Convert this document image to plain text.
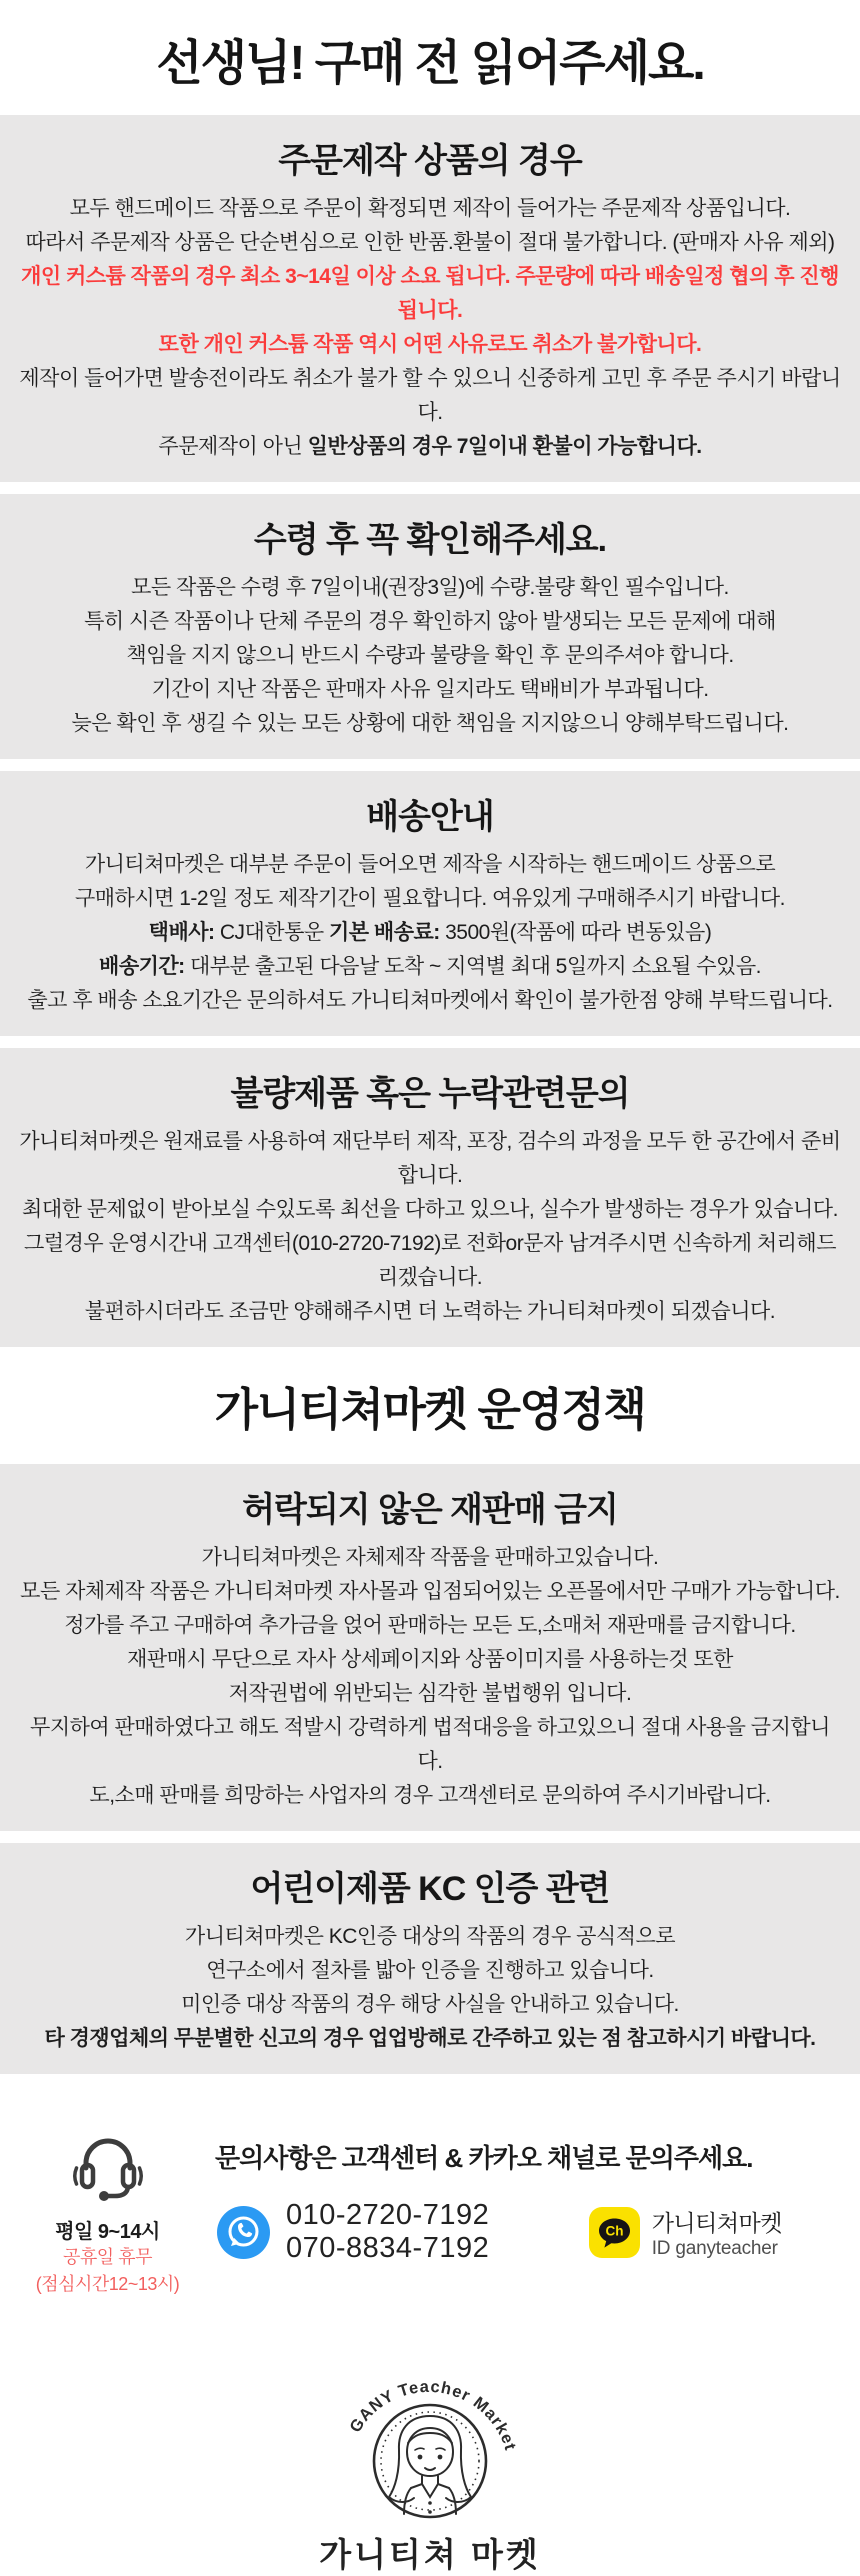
선생님! 구매 전 읽어주세요.
주문제작 상품의 경우

모두 핸드메이드 작품으로 주문이 확정되면 제작이 들어가는 주문제작 상품입니다.

따라서 주문제작 상품은 단순변심으로 인한 반품.환불이 절대 불가합니다. (판매자 사유 제외)

개인 커스튬 작품의 경우 최소 3~14일 이상 소요 됩니다. 주문량에 따라 배송일정 협의 후 진행됩니다.

또한 개인 커스튬 작품 역시 어떤 사유로도 취소가 불가합니다.

제작이 들어가면 발송전이라도 취소가 불가 할 수 있으니 신중하게 고민 후 주문 주시기 바랍니다.

주문제작이 아닌 일반상품의 경우 7일이내 환불이 가능합니다.

수령 후 꼭 확인해주세요.

모든 작품은 수령 후 7일이내(권장3일)에 수량.불량 확인 필수입니다.

특히 시즌 작품이나 단체 주문의 경우 확인하지 않아 발생되는 모든 문제에 대해

책임을 지지 않으니 반드시 수량과 불량을 확인 후 문의주셔야 합니다.

기간이 지난 작품은 판매자 사유 일지라도 택배비가 부과됩니다.

늦은 확인 후 생길 수 있는 모든 상황에 대한 책임을 지지않으니 양해부탁드립니다.

배송안내

가니티쳐마켓은 대부분 주문이 들어오면 제작을 시작하는 핸드메이드 상품으로

구매하시면 1-2일 정도 제작기간이 필요합니다. 여유있게 구매해주시기 바랍니다.

택배사: CJ대한통운 기본 배송료: 3500원(작품에 따라 변동있음)

배송기간: 대부분 출고된 다음날 도착 ~ 지역별 최대 5일까지 소요될 수있음.

출고 후 배송 소요기간은 문의하셔도 가니티쳐마켓에서 확인이 불가한점 양해 부탁드립니다.

불량제품 혹은 누락관련문의

가니티쳐마켓은 원재료를 사용하여 재단부터 제작, 포장, 검수의 과정을 모두 한 공간에서 준비 합니다.

최대한 문제없이 받아보실 수있도록 최선을 다하고 있으나, 실수가 발생하는 경우가 있습니다.

그럴경우 운영시간내 고객센터(010-2720-7192)로 전화or문자 남겨주시면 신속하게 처리해드리겠습니다.

불편하시더라도 조금만 양해해주시면 더 노력하는 가니티쳐마켓이 되겠습니다.

가니티쳐마켓 운영정책
허락되지 않은 재판매 금지

가니티쳐마켓은 자체제작 작품을 판매하고있습니다.

모든 자체제작 작품은 가니티쳐마켓 자사몰과 입점되어있는 오픈몰에서만 구매가 가능합니다.

정가를 주고 구매하여 추가금을 얹어 판매하는 모든 도,소매처 재판매를 금지합니다.

재판매시 무단으로 자사 상세페이지와 상품이미지를 사용하는것 또한

저작권법에 위반되는 심각한 불법행위 입니다.

무지하여 판매하였다고 해도 적발시 강력하게 법적대응을 하고있으니 절대 사용을 금지합니다.

도,소매 판매를 희망하는 사업자의 경우 고객센터로 문의하여 주시기바랍니다.

어린이제품 KC 인증 관련

가니티쳐마켓은 KC인증 대상의 작품의 경우 공식적으로

연구소에서 절차를 밟아 인증을 진행하고 있습니다.

미인증 대상 작품의 경우 해당 사실을 안내하고 있습니다.

타 경쟁업체의 무분별한 신고의 경우 업업방해로 간주하고 있는 점 참고하시기 바랍니다.

평일 9~14시
공휴일 휴무
(점심시간12~13시)
문의사항은 고객센터 & 카카오 채널로 문의주세요.
010-2720-7192
070-8834-7192
Ch 가니티쳐마켓
ID ganyteacher
GANY Teacher Market
가니티쳐 마켓
